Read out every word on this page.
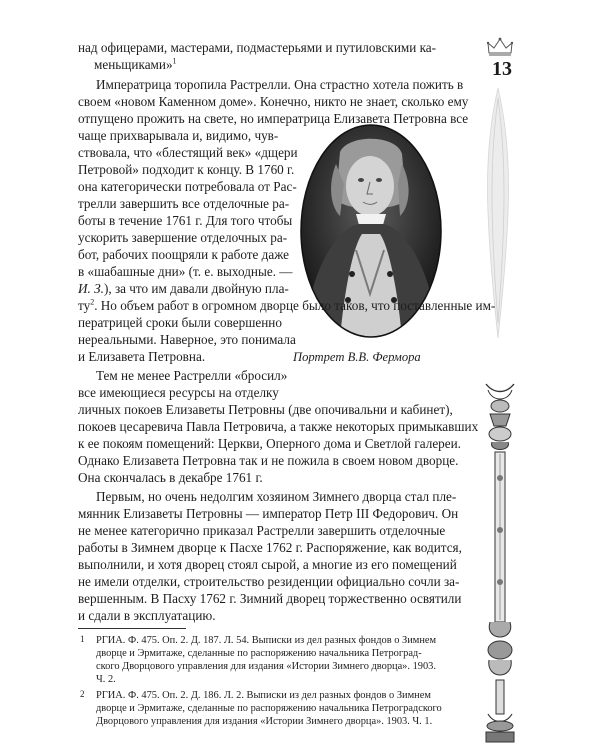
13
Портрет В.В. Фермора
над офицерами, мастерами, подмастерьями и путиловскими ка-
меньщиками»$^1$
Императрица торопила Растрелли. Она страстно хотела пожить в
своем «новом Каменном доме». Конечно, никто не знает, сколько ему
отпущено прожить на свете, но императрица Елизавета Петровна все
чаще прихварывала и, видимо, чув-
ствовала, что «блестящий век» «дщери
Петровой» подходит к концу. В 1760 г.
она категорически потребовала от Рас-
трелли завершить все отделочные ра-
боты в течение 1761 г. Для того чтобы
ускорить завершение отделочных ра-
бот, рабочих поощряли к работе даже
в «шабашные дни» (т. е. выходные. —
И. З.), за что им давали двойную пла-
$ту^2$. Но объем работ в огромном дворце было таков, что поставленные им-
ператрицей сроки были совершенно
нереальными. Наверное, это понимала
и Елизавета Петровна.
Тем не менее Растрелли «бросил»
все имеющиеся ресурсы на отделку
личных покоев Елизаветы Петровны (две опочивальни и кабинет),
покоев цесаревича Павла Петровича, а также некоторых примыкавших
к ее покоям помещений: Церкви, Оперного дома и Светлой галереи.
Однако Елизавета Петровна так и не пожила в своем новом дворце.
Она скончалась в декабре 1761 г.
Первым, но очень недолгим хозяином Зимнего дворца стал пле-
мянник Елизаветы Петровны — император Петр III Федорович. Он
не менее категорично приказал Растрелли завершить отделочные
работы в Зимнем дворце к Пасхе 1762 г. Распоряжение, как водится,
выполнили, и хотя дворец стоял сырой, а многие из его помещений
не имели отделки, строительство резиденции официально сочли за-
вершенным. В Пасху 1762 г. Зимний дворец торжественно освятили
и сдали в эксплуатацию.
1 РГИА. Ф. 475. Оп. 2. Д. 187. Л. 54. Выписки из дел разных фондов о Зимнем
дворце и Эрмитаже, сделанные по распоряжению начальника Петроград-
ского Дворцового управления для издания «Истории Зимнего дворца». 1903.
Ч. 2.
2 РГИА. Ф. 475. Оп. 2. Д. 186. Л. 2. Выписки из дел разных фондов о Зимнем
дворце и Эрмитаже, сделанные по распоряжению начальника Петроградского
Дворцового управления для издания «Истории Зимнего дворца». 1903. Ч. 1.
